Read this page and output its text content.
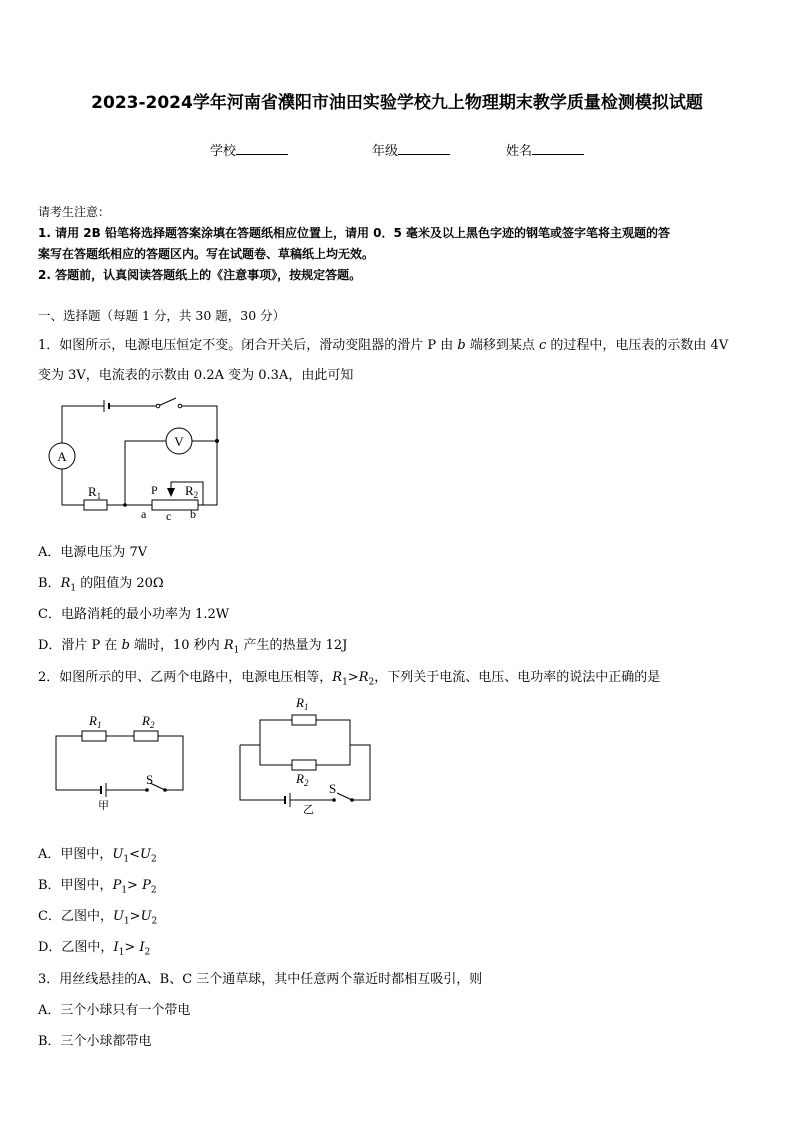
2023-2024学年河南省濮阳市油田实验学校九上物理期末教学质量检测模拟试题
学校	年级	姓名
请考生注意：
1. 请用 2B 铅笔将选择题答案涂填在答题纸相应位置上，请用 0．5 毫米及以上黑色字迹的钢笔或签字笔将主观题的答
案写在答题纸相应的答题区内。写在试题卷、草稿纸上均无效。
2. 答题前，认真阅读答题纸上的《注意事项》，按规定答题。
一、选择题（每题 1 分，共 30 题，30 分）
1．如图所示，电源电压恒定不变。闭合开关后，滑动变阻器的滑片 P 由 b 端移到某点 c 的过程中，电压表的示数由 4V
变为 3V，电流表的示数由 0.2A 变为 0.3A，由此可知
A
V
$R_1$	P $R_2$
a c b
A．电源电压为 7V
B．$R_1$ 的阻值为 20Ω
C．电路消耗的最小功率为 1.2W
D．滑片 P 在 b 端时，10 秒内 $R_1$ 产生的热量为 12J
2．如图所示的甲、乙两个电路中，电源电压相等，$R_1>R_2$，下列关于电流、电压、电功率的说法中正确的是
$R_1$	$R_2$
S
甲
$R_1$
$R_2$ S
乙
A．甲图中，$U_1<U_2$
B．甲图中，$P_1> P_2$
C．乙图中，$U_1>U_2$
D．乙图中，$I_1> I_2$
3．用丝线悬挂的A、B、C 三个通草球，其中任意两个靠近时都相互吸引，则
A．三个小球只有一个带电
B．三个小球都带电
